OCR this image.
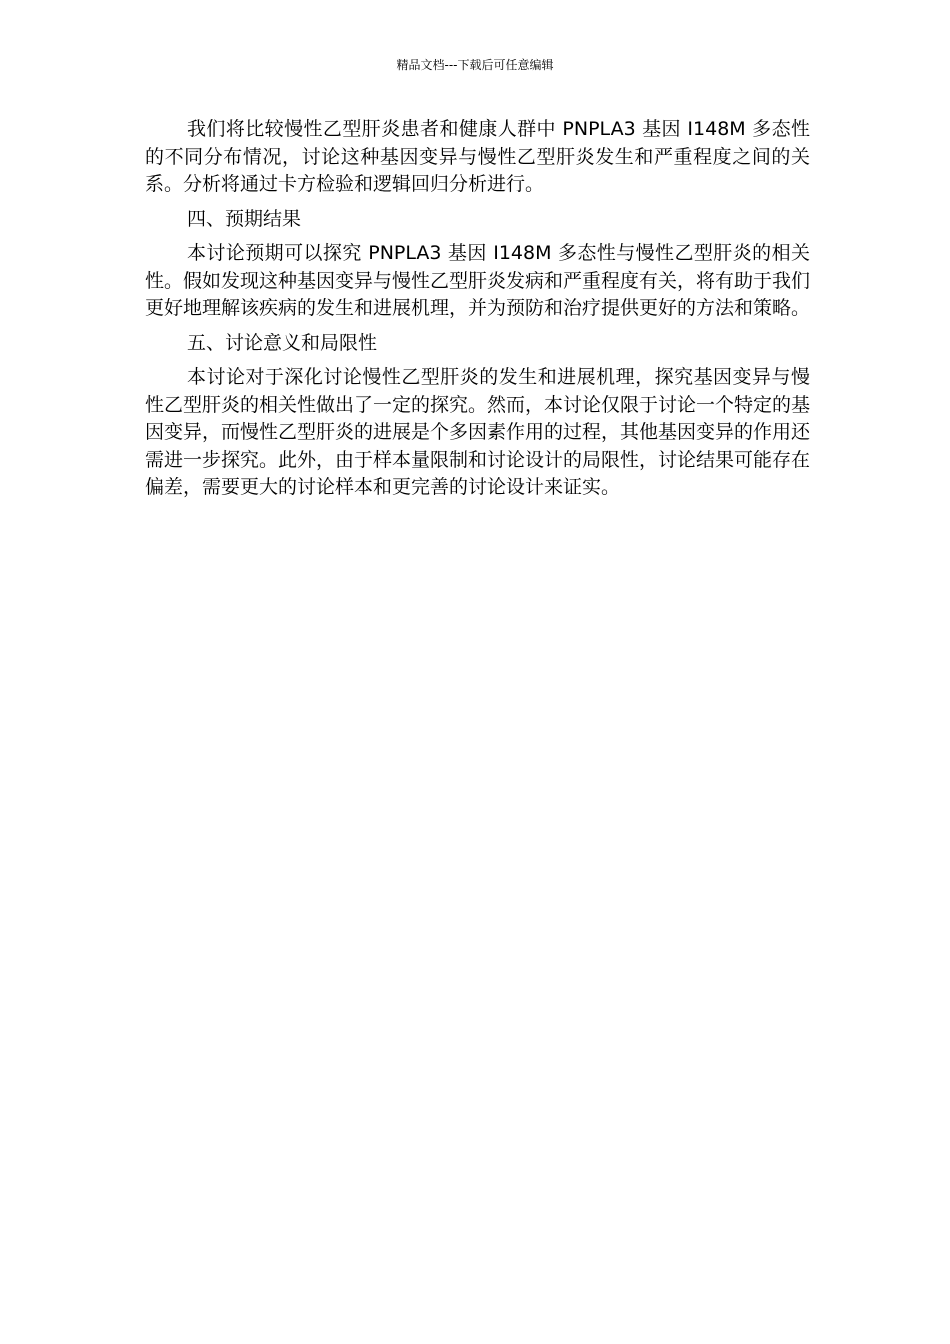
精品文档---下载后可任意编辑

我们将比较慢性乙型肝炎患者和健康人群中 PNPLA3 基因 I148M 多态性的不同分布情况，讨论这种基因变异与慢性乙型肝炎发生和严重程度之间的关系。分析将通过卡方检验和逻辑回归分析进行。

四、预期结果

本讨论预期可以探究 PNPLA3 基因 I148M 多态性与慢性乙型肝炎的相关性。假如发现这种基因变异与慢性乙型肝炎发病和严重程度有关，将有助于我们更好地理解该疾病的发生和进展机理，并为预防和治疗提供更好的方法和策略。

五、讨论意义和局限性

本讨论对于深化讨论慢性乙型肝炎的发生和进展机理，探究基因变异与慢性乙型肝炎的相关性做出了一定的探究。然而，本讨论仅限于讨论一个特定的基因变异，而慢性乙型肝炎的进展是个多因素作用的过程，其他基因变异的作用还需进一步探究。此外，由于样本量限制和讨论设计的局限性，讨论结果可能存在偏差，需要更大的讨论样本和更完善的讨论设计来证实。
